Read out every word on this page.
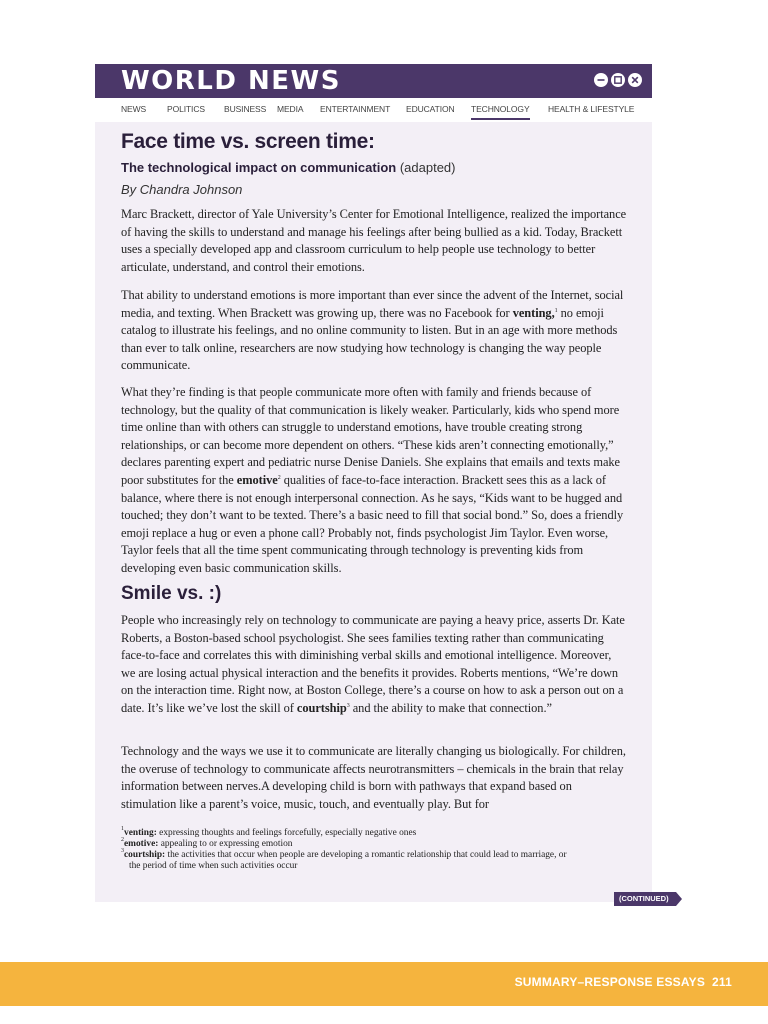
WORLD NEWS
NEWS POLITICS BUSINESS MEDIA ENTERTAINMENT EDUCATION TECHNOLOGY HEALTH & LIFESTYLE
Face time vs. screen time:

The technological impact on communication (adapted)

By Chandra Johnson

Marc Brackett, director of Yale University’s Center for Emotional Intelligence, realized the importance of having the skills to understand and manage his feelings after being bullied as a kid. Today, Brackett uses a specially developed app and classroom curriculum to help people use technology to better articulate, understand, and control their emotions.

That ability to understand emotions is more important than ever since the advent of the Internet, social media, and texting. When Brackett was growing up, there was no Facebook for venting,$^1$ no emoji catalog to illustrate his feelings, and no online community to listen. But in an age with more methods than ever to talk online, researchers are now studying how technology is changing the way people communicate.

What they’re finding is that people communicate more often with family and friends because of technology, but the quality of that communication is likely weaker. Particularly, kids who spend more time online than with others can struggle to understand emotions, have trouble creating strong relationships, or can become more dependent on others. “These kids aren’t connecting emotionally,” declares parenting expert and pediatric nurse Denise Daniels. She explains that emails and texts make poor substitutes for the emotive$^2$ qualities of face-to-face interaction. Brackett sees this as a lack of balance, where there is not enough interpersonal connection. As he says, “Kids want to be hugged and touched; they don’t want to be texted. There’s a basic need to fill that social bond.” So, does a friendly emoji replace a hug or even a phone call? Probably not, finds psychologist Jim Taylor. Even worse, Taylor feels that all the time spent communicating through technology is preventing kids from developing even basic communication skills.

Smile vs. :)

People who increasingly rely on technology to communicate are paying a heavy price, asserts Dr. Kate Roberts, a Boston-based school psychologist. She sees families texting rather than communicating face-to-face and correlates this with diminishing verbal skills and emotional intelligence. Moreover, we are losing actual physical interaction and the benefits it provides. Roberts mentions, “We’re down on the interaction time. Right now, at Boston College, there’s a course on how to ask a person out on a date. It’s like we’ve lost the skill of courtship$^3$ and the ability to make that connection.”

Technology and the ways we use it to communicate are literally changing us biologically. For children, the overuse of technology to communicate affects neurotransmitters – chemicals in the brain that relay information between nerves.A developing child is born with pathways that expand based on stimulation like a parent’s voice, music, touch, and eventually play. But for

$^1$venting: expressing thoughts and feelings forcefully, especially negative ones

$^2$emotive: appealing to or expressing emotion

$^3$courtship: the activities that occur when people are developing a romantic relationship that could lead to marriage, or

the period of time when such activities occur

(CONTINUED)
SUMMARY–RESPONSE ESSAYS 211
